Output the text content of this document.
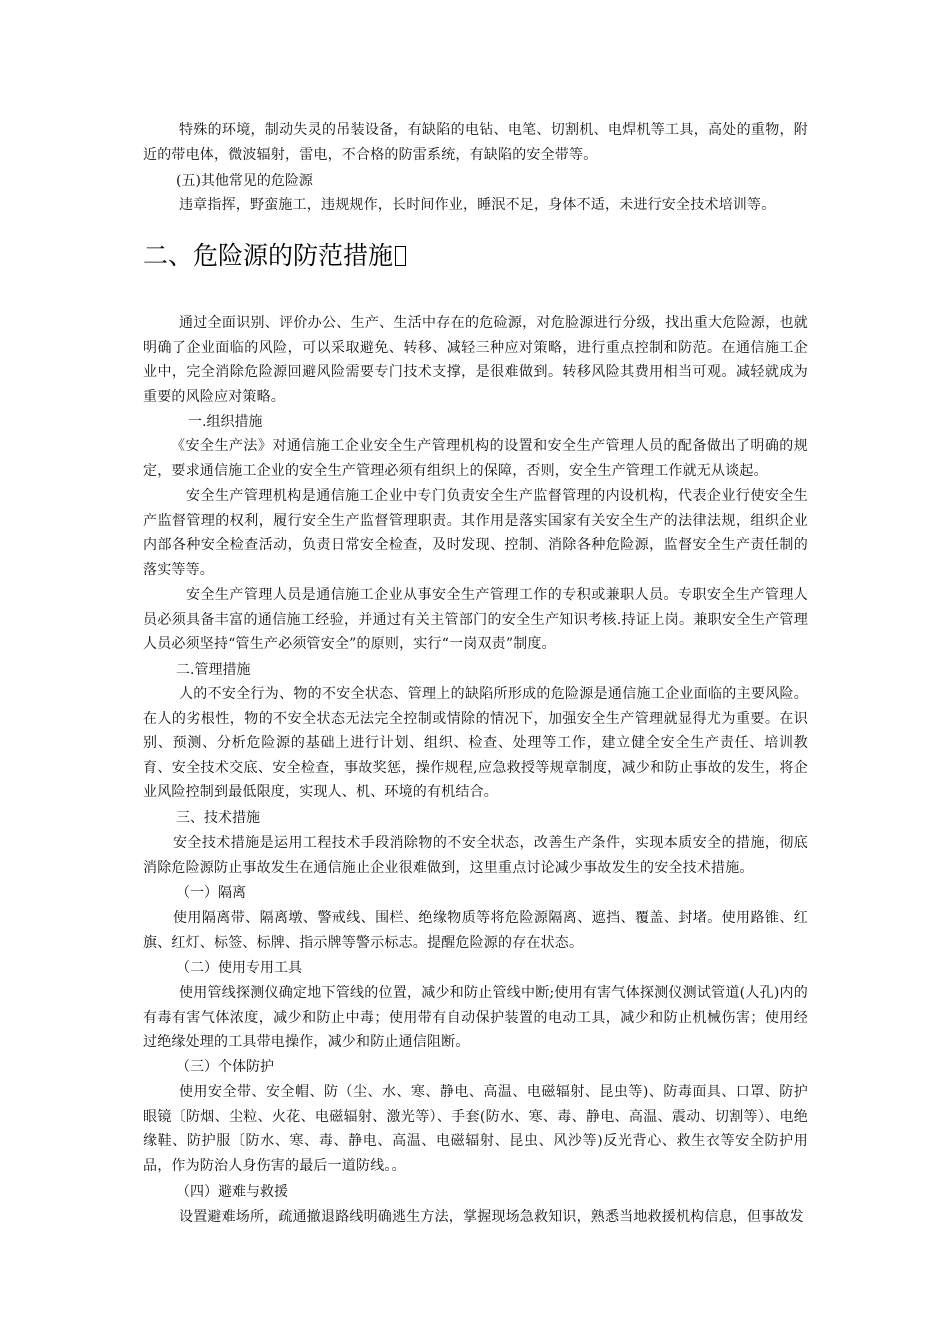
特殊的环境，制动失灵的吊装设备，有缺陷的电钻、电笔、切割机、电焊机等工具，高处的重物，附近的带电体，微波辐射，雷电，不合格的防雷系统，有缺陷的安全带等。

(五)其他常见的危险源

违章指挥，野蛮施工，违规规作，长时间作业，睡泯不足，身体不适，未进行安全技术培训等。

二、危险源的防范措施

通过全面识别、评价办公、生产、生活中存在的危硷源，对危脸源进行分级，找出重大危险源，也就明确了企业面临的风险，可以采取避免、转移、减轻三种应对策略，进行重点控制和防范。在通信施工企业中，完全消除危险源回避风险需要专门技术支撑，是很难做到。转移风险其费用相当可观。减轻就成为重要的风险应对策略。

一.组织措施

《安全生产法》对通信施工企业安全生产管理机构的设置和安全生产管理人员的配备做出了明确的规定，要求通信施工企业的安全生产管理必须有组织上的保障，否则，安全生产管理工作就无从谈起。

安全生产管理机构是通信施工企业中专门负责安全生产监督管理的内设机构，代表企业行使安全生产监督管理的权利，履行安全生产监督管理职责。其作用是落实国家有关安全生产的法律法规，组织企业内部各种安全检查活动，负责日常安全检查，及时发现、控制、消除各种危险源，监督安全生产责任制的落实等等。

安全生产管理人员是通信施工企业从事安全生产管理工作的专积或兼职人员。专职安全生产管理人员必须具备丰富的通信施工经验，并通过有关主管部门的安全生产知识考核.持证上岗。兼职安全生产管理人员必须坚持“管生产必须管安全”的原则，实行“一岗双责”制度。

二.管理措施

人的不安全行为、物的不安全状态、管理上的缺陷所形成的危险源是通信施工企业面临的主要风险。在人的劣根性，物的不安全状态无法完全控制或情除的情况下，加强安全生产管理就显得尤为重要。在识别、预测、分析危险源的基础上进行计划、组织、检查、处理等工作，建立健全安全生产责任、培训教育、安全技术交底、安全检查，事故奖惩，操作规程,应急救授等规章制度，减少和防止事故的发生，将企业风险控制到最低限度，实现人、机、环境的有机结合。

三、技术措施

安全技术措施是运用工程技术手段消除物的不安全状态，改善生产条件，实现本质安全的措施，彻底消除危险源防止事故发生在通信施止企业很难做到，这里重点讨论减少事故发生的安全技术措施。

（一）隔离

使用隔离带、隔离墩、警戒线、围栏、绝缘物质等将危险源隔离、遮挡、覆盖、封堵。使用路锥、红旗、红灯、标签、标牌、指示牌等警示标志。提醒危险源的存在状态。

（二）使用专用工具

使用管线探测仪确定地下管线的位置，减少和防止管线中断;使用有害气体探测仪测试管道(人孔)内的有毒有害气体浓度，减少和防止中毒；使用带有自动保护装置的电动工具，减少和防止机械伤害；使用经过绝缘处理的工具带电操作，减少和防止通信阻断。

（三）个体防护

使用安全带、安全帽、防（尘、水、寒、静电、高温、电磁辐射、昆虫等)、防毒面具、口罩、防护眼镜〔防烟、尘粒、火花、电磁辐射、激光等）、手套(防水、寒、毒、静电、高温、震动、切割等）、电绝缘鞋、防护服〔防水、寒、毒、静电、高温、电磁辐射、昆虫、风沙等)反光背心、救生衣等安全防护用品，作为防治人身伤害的最后一道防线。。

（四）避难与救援

设置避难场所，疏通撤退路线明确逃生方法，掌握现场急救知识，熟悉当地救援机构信息，但事故发
